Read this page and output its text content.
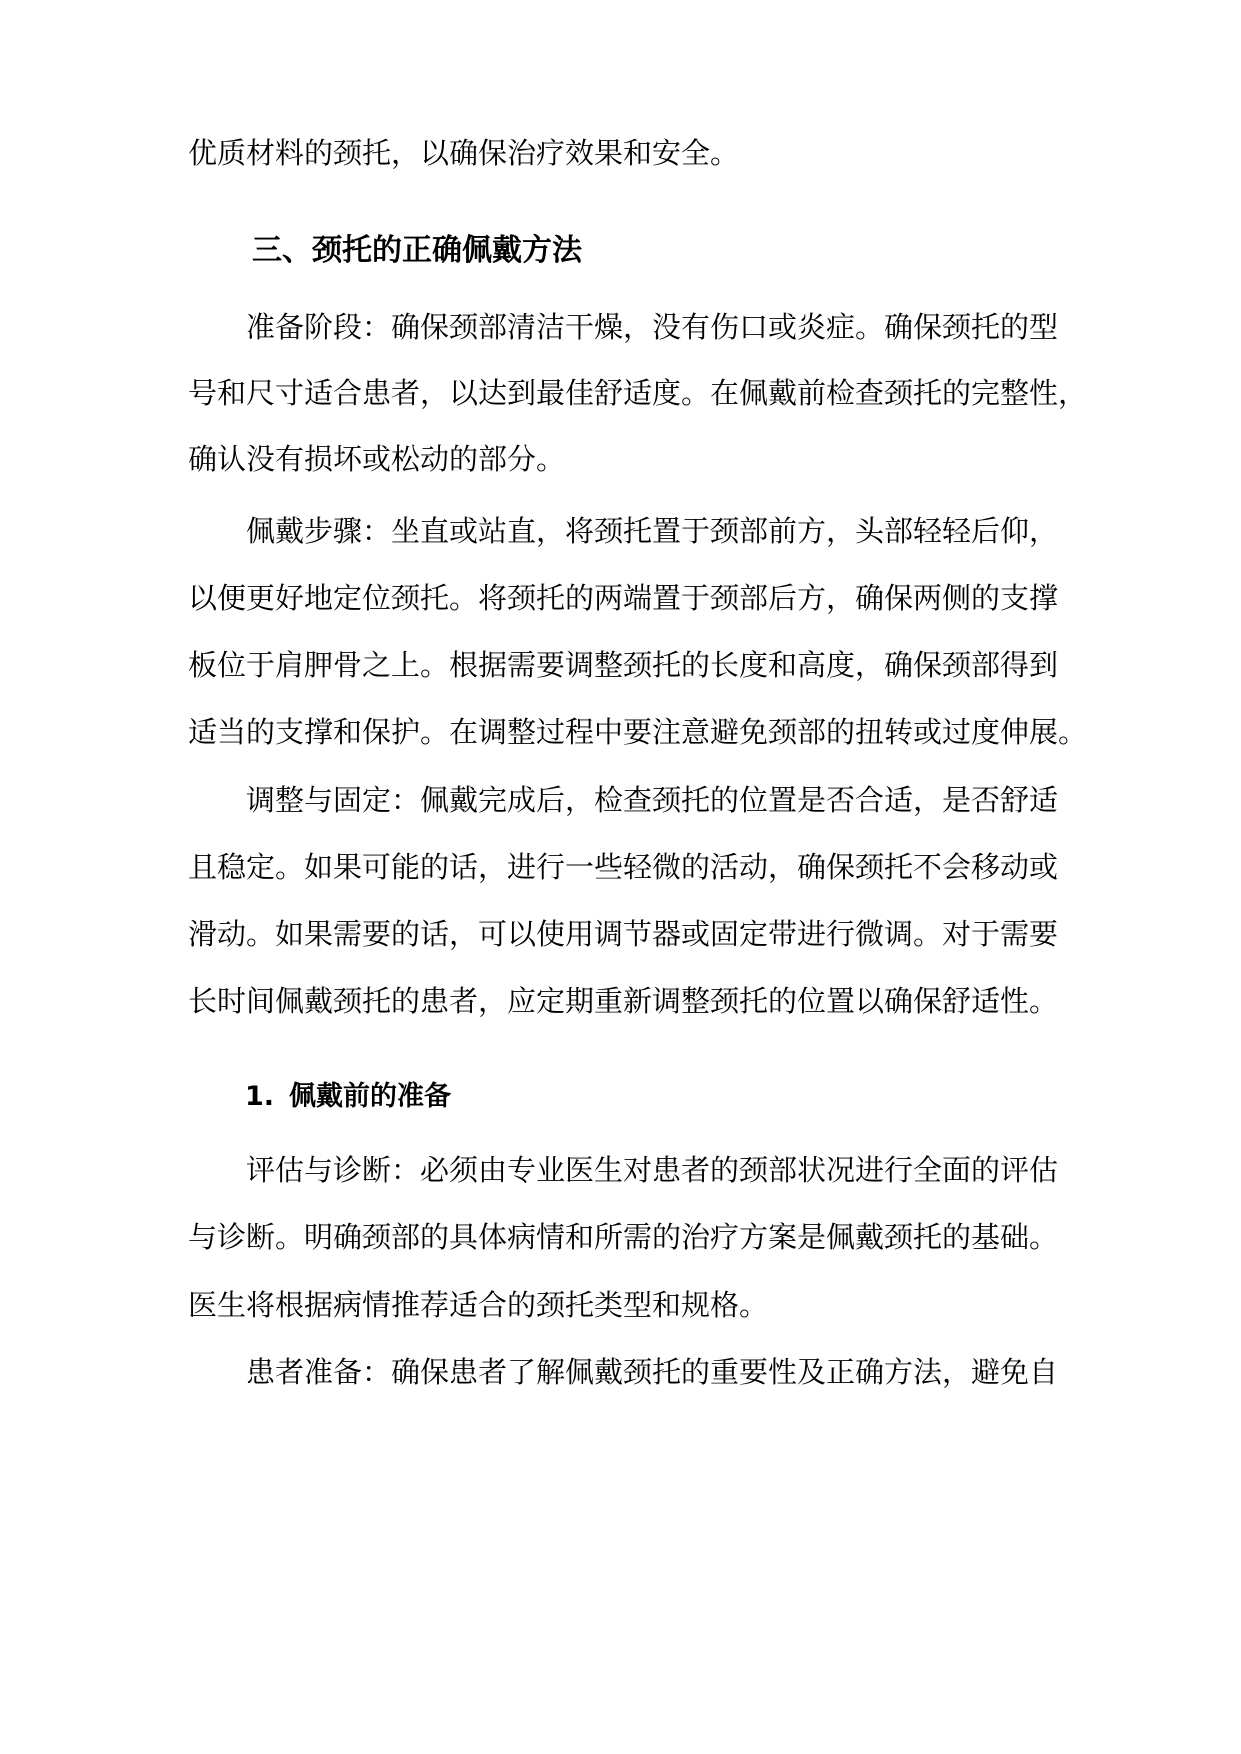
优质材料的颈托，以确保治疗效果和安全。

三、颈托的正确佩戴方法

准备阶段：确保颈部清洁干燥，没有伤口或炎症。确保颈托的型

号和尺寸适合患者，以达到最佳舒适度。在佩戴前检查颈托的完整性，

确认没有损坏或松动的部分。

佩戴步骤：坐直或站直，将颈托置于颈部前方，头部轻轻后仰，

以便更好地定位颈托。将颈托的两端置于颈部后方，确保两侧的支撑

板位于肩胛骨之上。根据需要调整颈托的长度和高度，确保颈部得到

适当的支撑和保护。在调整过程中要注意避免颈部的扭转或过度伸展。

调整与固定：佩戴完成后，检查颈托的位置是否合适，是否舒适

且稳定。如果可能的话，进行一些轻微的活动，确保颈托不会移动或

滑动。如果需要的话，可以使用调节器或固定带进行微调。对于需要

长时间佩戴颈托的患者，应定期重新调整颈托的位置以确保舒适性。

1. 佩戴前的准备

评估与诊断：必须由专业医生对患者的颈部状况进行全面的评估

与诊断。明确颈部的具体病情和所需的治疗方案是佩戴颈托的基础。

医生将根据病情推荐适合的颈托类型和规格。

患者准备：确保患者了解佩戴颈托的重要性及正确方法，避免自
